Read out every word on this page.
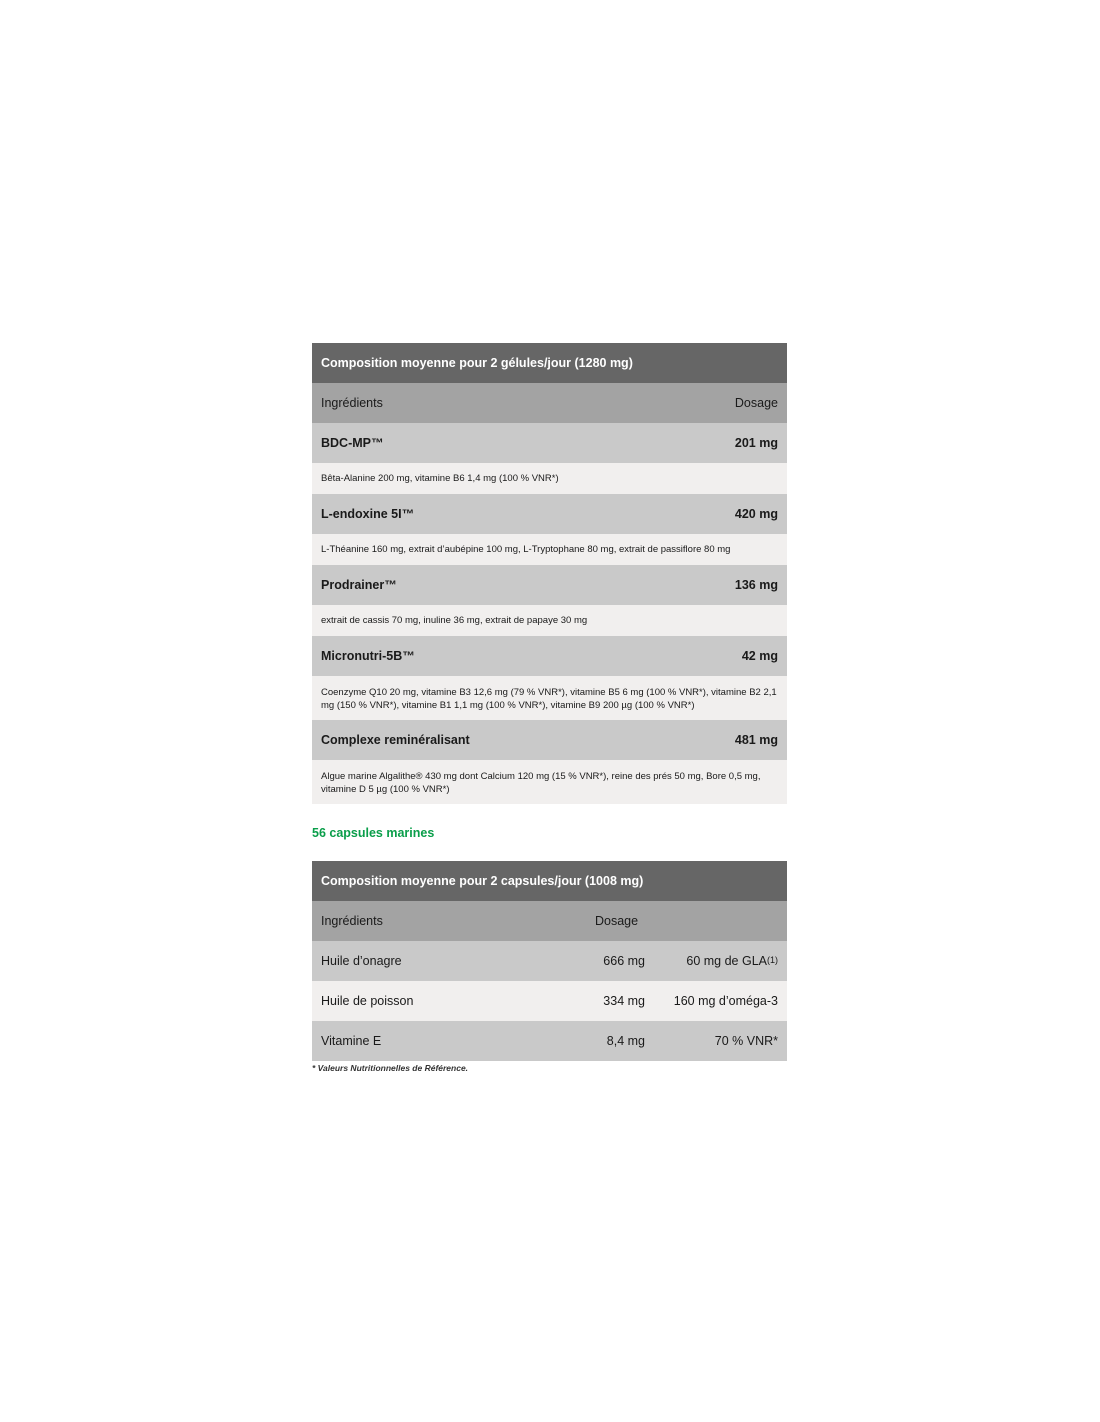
Composition moyenne pour 2 gélules/jour (1280 mg)
Ingrédients	Dosage
BDC-MP™	201 mg
Bêta-Alanine 200 mg, vitamine B6 1,4 mg (100 % VNR*)
L-endoxine 5I™	420 mg
L-Théanine 160 mg, extrait d’aubépine 100 mg, L-Tryptophane 80 mg, extrait de passiflore 80 mg
Prodrainer™	136 mg
extrait de cassis 70 mg, inuline 36 mg, extrait de papaye 30 mg
Micronutri-5B™	42 mg
Coenzyme Q10 20 mg, vitamine B3 12,6 mg (79 % VNR*), vitamine B5 6 mg (100 % VNR*), vitamine B2 2,1 mg (150 % VNR*), vitamine B1 1,1 mg (100 % VNR*), vitamine B9 200 µg (100 % VNR*)
Complexe reminéralisant	481 mg
Algue marine Algalithe® 430 mg dont Calcium 120 mg (15 % VNR*), reine des prés 50 mg, Bore 0,5 mg, vitamine D 5 µg (100 % VNR*)
56 capsules marines
Composition moyenne pour 2 capsules/jour (1008 mg)
Ingrédients	Dosage
Huile d’onagre	666 mg	60 mg de GLA$^{(1)}$
Huile de poisson	334 mg	160 mg d’oméga-3
Vitamine E	8,4 mg	70 % VNR*
* Valeurs Nutritionnelles de Référence.
